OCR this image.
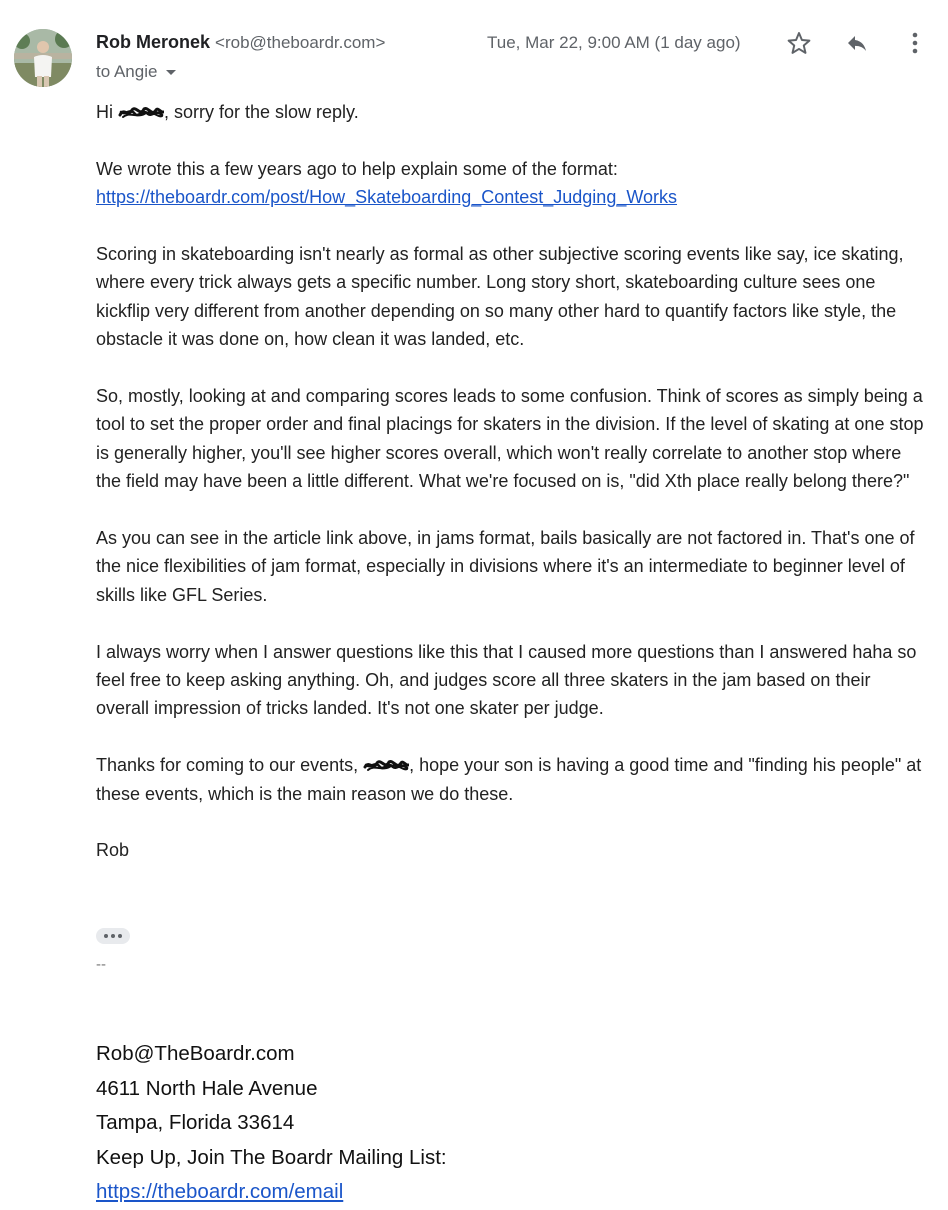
Rob Meronek <rob@theboardr.com>
to Angie
Tue, Mar 22, 9:00 AM (1 day ago)

Hi	, sorry for the slow reply.

We wrote this a few years ago to help explain some of the format:
https://theboardr.com/post/How_Skateboarding_Contest_Judging_Works

Scoring in skateboarding isn't nearly as formal as other subjective scoring events like say, ice skating, where every trick always gets a specific number. Long story short, skateboarding culture sees one kickflip very different from another depending on so many other hard to quantify factors like style, the obstacle it was done on, how clean it was landed, etc.

So, mostly, looking at and comparing scores leads to some confusion. Think of scores as simply being a tool to set the proper order and final placings for skaters in the division. If the level of skating at one stop is generally higher, you'll see higher scores overall, which won't really correlate to another stop where the field may have been a little different. What we're focused on is, "did Xth place really belong there?"

As you can see in the article link above, in jams format, bails basically are not factored in. That's one of the nice flexibilities of jam format, especially in divisions where it's an intermediate to beginner level of skills like GFL Series.

I always worry when I answer questions like this that I caused more questions than I answered haha so feel free to keep asking anything. Oh, and judges score all three skaters in the jam based on their overall impression of tricks landed. It's not one skater per judge.

Thanks for coming to our events,	, hope your son is having a good time and "finding his people" at these events, which is the main reason we do these.

Rob

--
Rob@TheBoardr.com
4611 North Hale Avenue
Tampa, Florida 33614
Keep Up, Join The Boardr Mailing List:
https://theboardr.com/email
